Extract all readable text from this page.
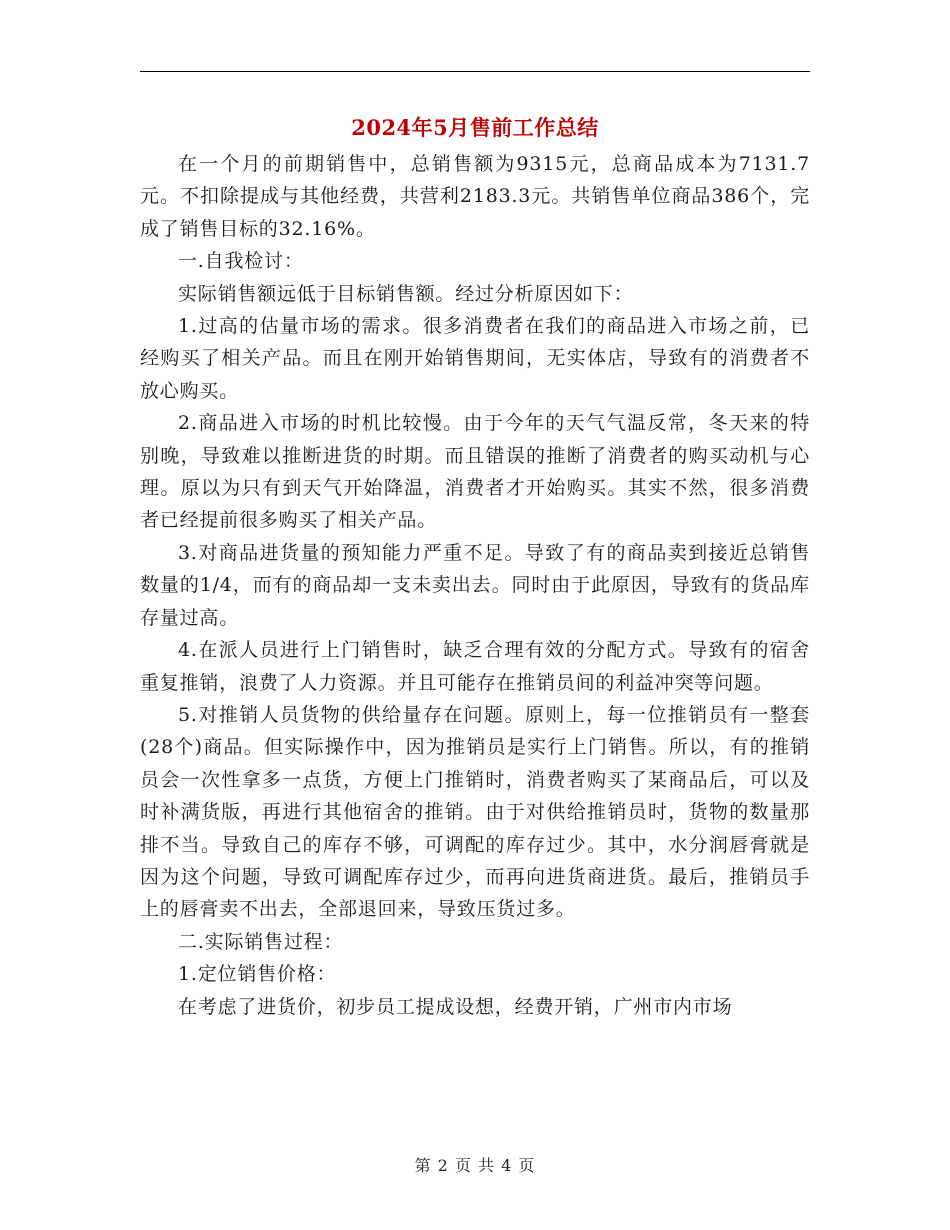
2024年5月售前工作总结

在一个月的前期销售中，总销售额为9315元，总商品成本为7131.7元。不扣除提成与其他经费，共营利2183.3元。共销售单位商品386个，完成了销售目标的32.16%。

一.自我检讨：

实际销售额远低于目标销售额。经过分析原因如下：

1.过高的估量市场的需求。很多消费者在我们的商品进入市场之前，已经购买了相关产品。而且在刚开始销售期间，无实体店，导致有的消费者不放心购买。

2.商品进入市场的时机比较慢。由于今年的天气气温反常，冬天来的特别晚，导致难以推断进货的时期。而且错误的推断了消费者的购买动机与心理。原以为只有到天气开始降温，消费者才开始购买。其实不然，很多消费者已经提前很多购买了相关产品。

3.对商品进货量的预知能力严重不足。导致了有的商品卖到接近总销售数量的1/4，而有的商品却一支未卖出去。同时由于此原因，导致有的货品库存量过高。

4.在派人员进行上门销售时，缺乏合理有效的分配方式。导致有的宿舍重复推销，浪费了人力资源。并且可能存在推销员间的利益冲突等问题。

5.对推销人员货物的供给量存在问题。原则上，每一位推销员有一整套(28个)商品。但实际操作中，因为推销员是实行上门销售。所以，有的推销员会一次性拿多一点货，方便上门推销时，消费者购买了某商品后，可以及时补满货版，再进行其他宿舍的推销。由于对供给推销员时，货物的数量那排不当。导致自己的库存不够，可调配的库存过少。其中，水分润唇膏就是因为这个问题，导致可调配库存过少，而再向进货商进货。最后，推销员手上的唇膏卖不出去，全部退回来，导致压货过多。

二.实际销售过程：

1.定位销售价格：

在考虑了进货价，初步员工提成设想，经费开销，广州市内市场

第 2 页 共 4 页
